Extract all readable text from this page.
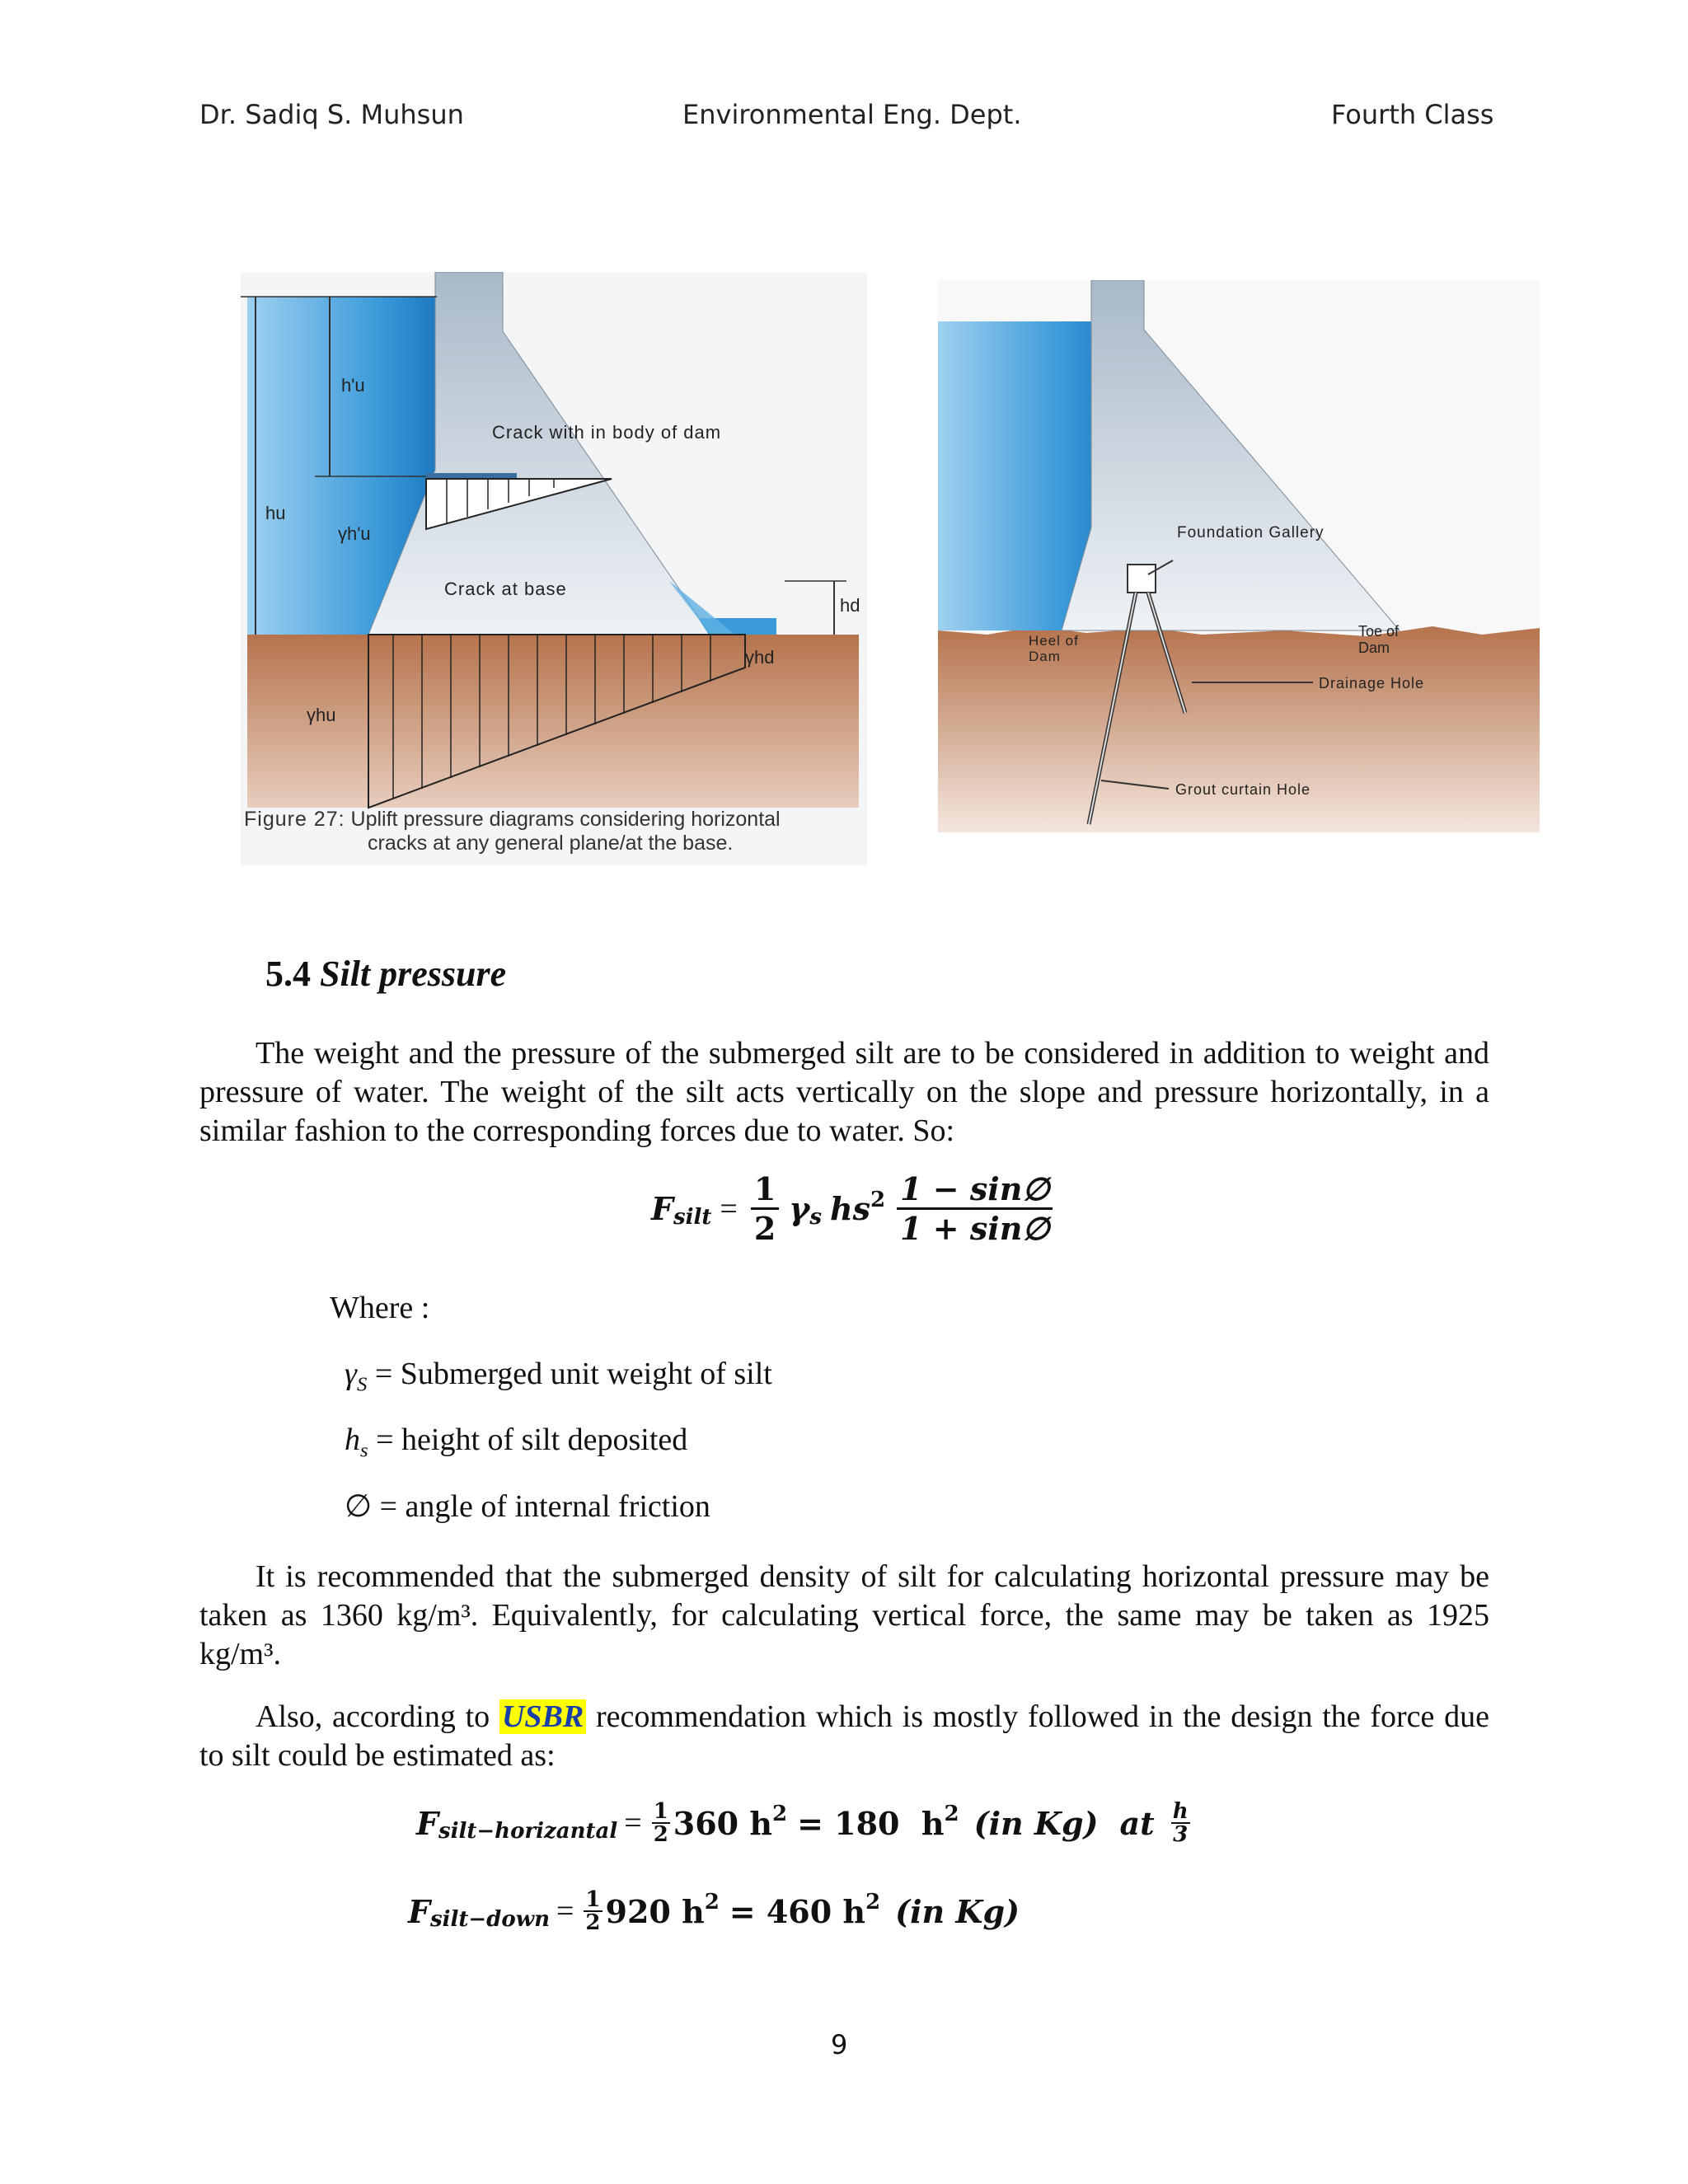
Dr. Sadiq S. Muhsun	Environmental Eng. Dept.	Fourth Class
h'u
hu
γh'u
Crack with in body of dam
Crack at base
hd
γhd
γhu
Figure 27: Uplift pressure diagrams considering horizontal
cracks at any general plane/at the base.
Foundation Gallery
Heel of
Dam
Toe of
Dam
Drainage Hole
Grout curtain Hole
5.4 Silt pressure

The weight and the pressure of the submerged silt are to be considered in addition to weight and pressure of water. The weight of the silt acts vertically on the slope and pressure horizontally, in a similar fashion to the corresponding forces due to water. So:

$F_{silt} = \frac{1}{2} \gamma_s$ $hs^2 \frac{1 - \sin\emptyset}{1 + \sin\emptyset}$
Where :
$\gamma_S$ = Submerged unit weight of silt
$h_s$ = height of silt deposited
∅ = angle of internal friction

It is recommended that the submerged density of silt for calculating horizontal pressure may be taken as 1360 kg/m³. Equivalently, for calculating vertical force, the same may be taken as 1925 kg/m³.

Also, according to USBR recommendation which is mostly followed in the design the force due to silt could be estimated as:

$F_{silt-horizantal} = \frac{1}{2} 360$ $h^2 = 180$  $h^2$ (in Kg) at h
3
$F_{silt-down} = \frac{1}{2} 920$ $h^2 = 460$ $h^2$ (in Kg)
9
